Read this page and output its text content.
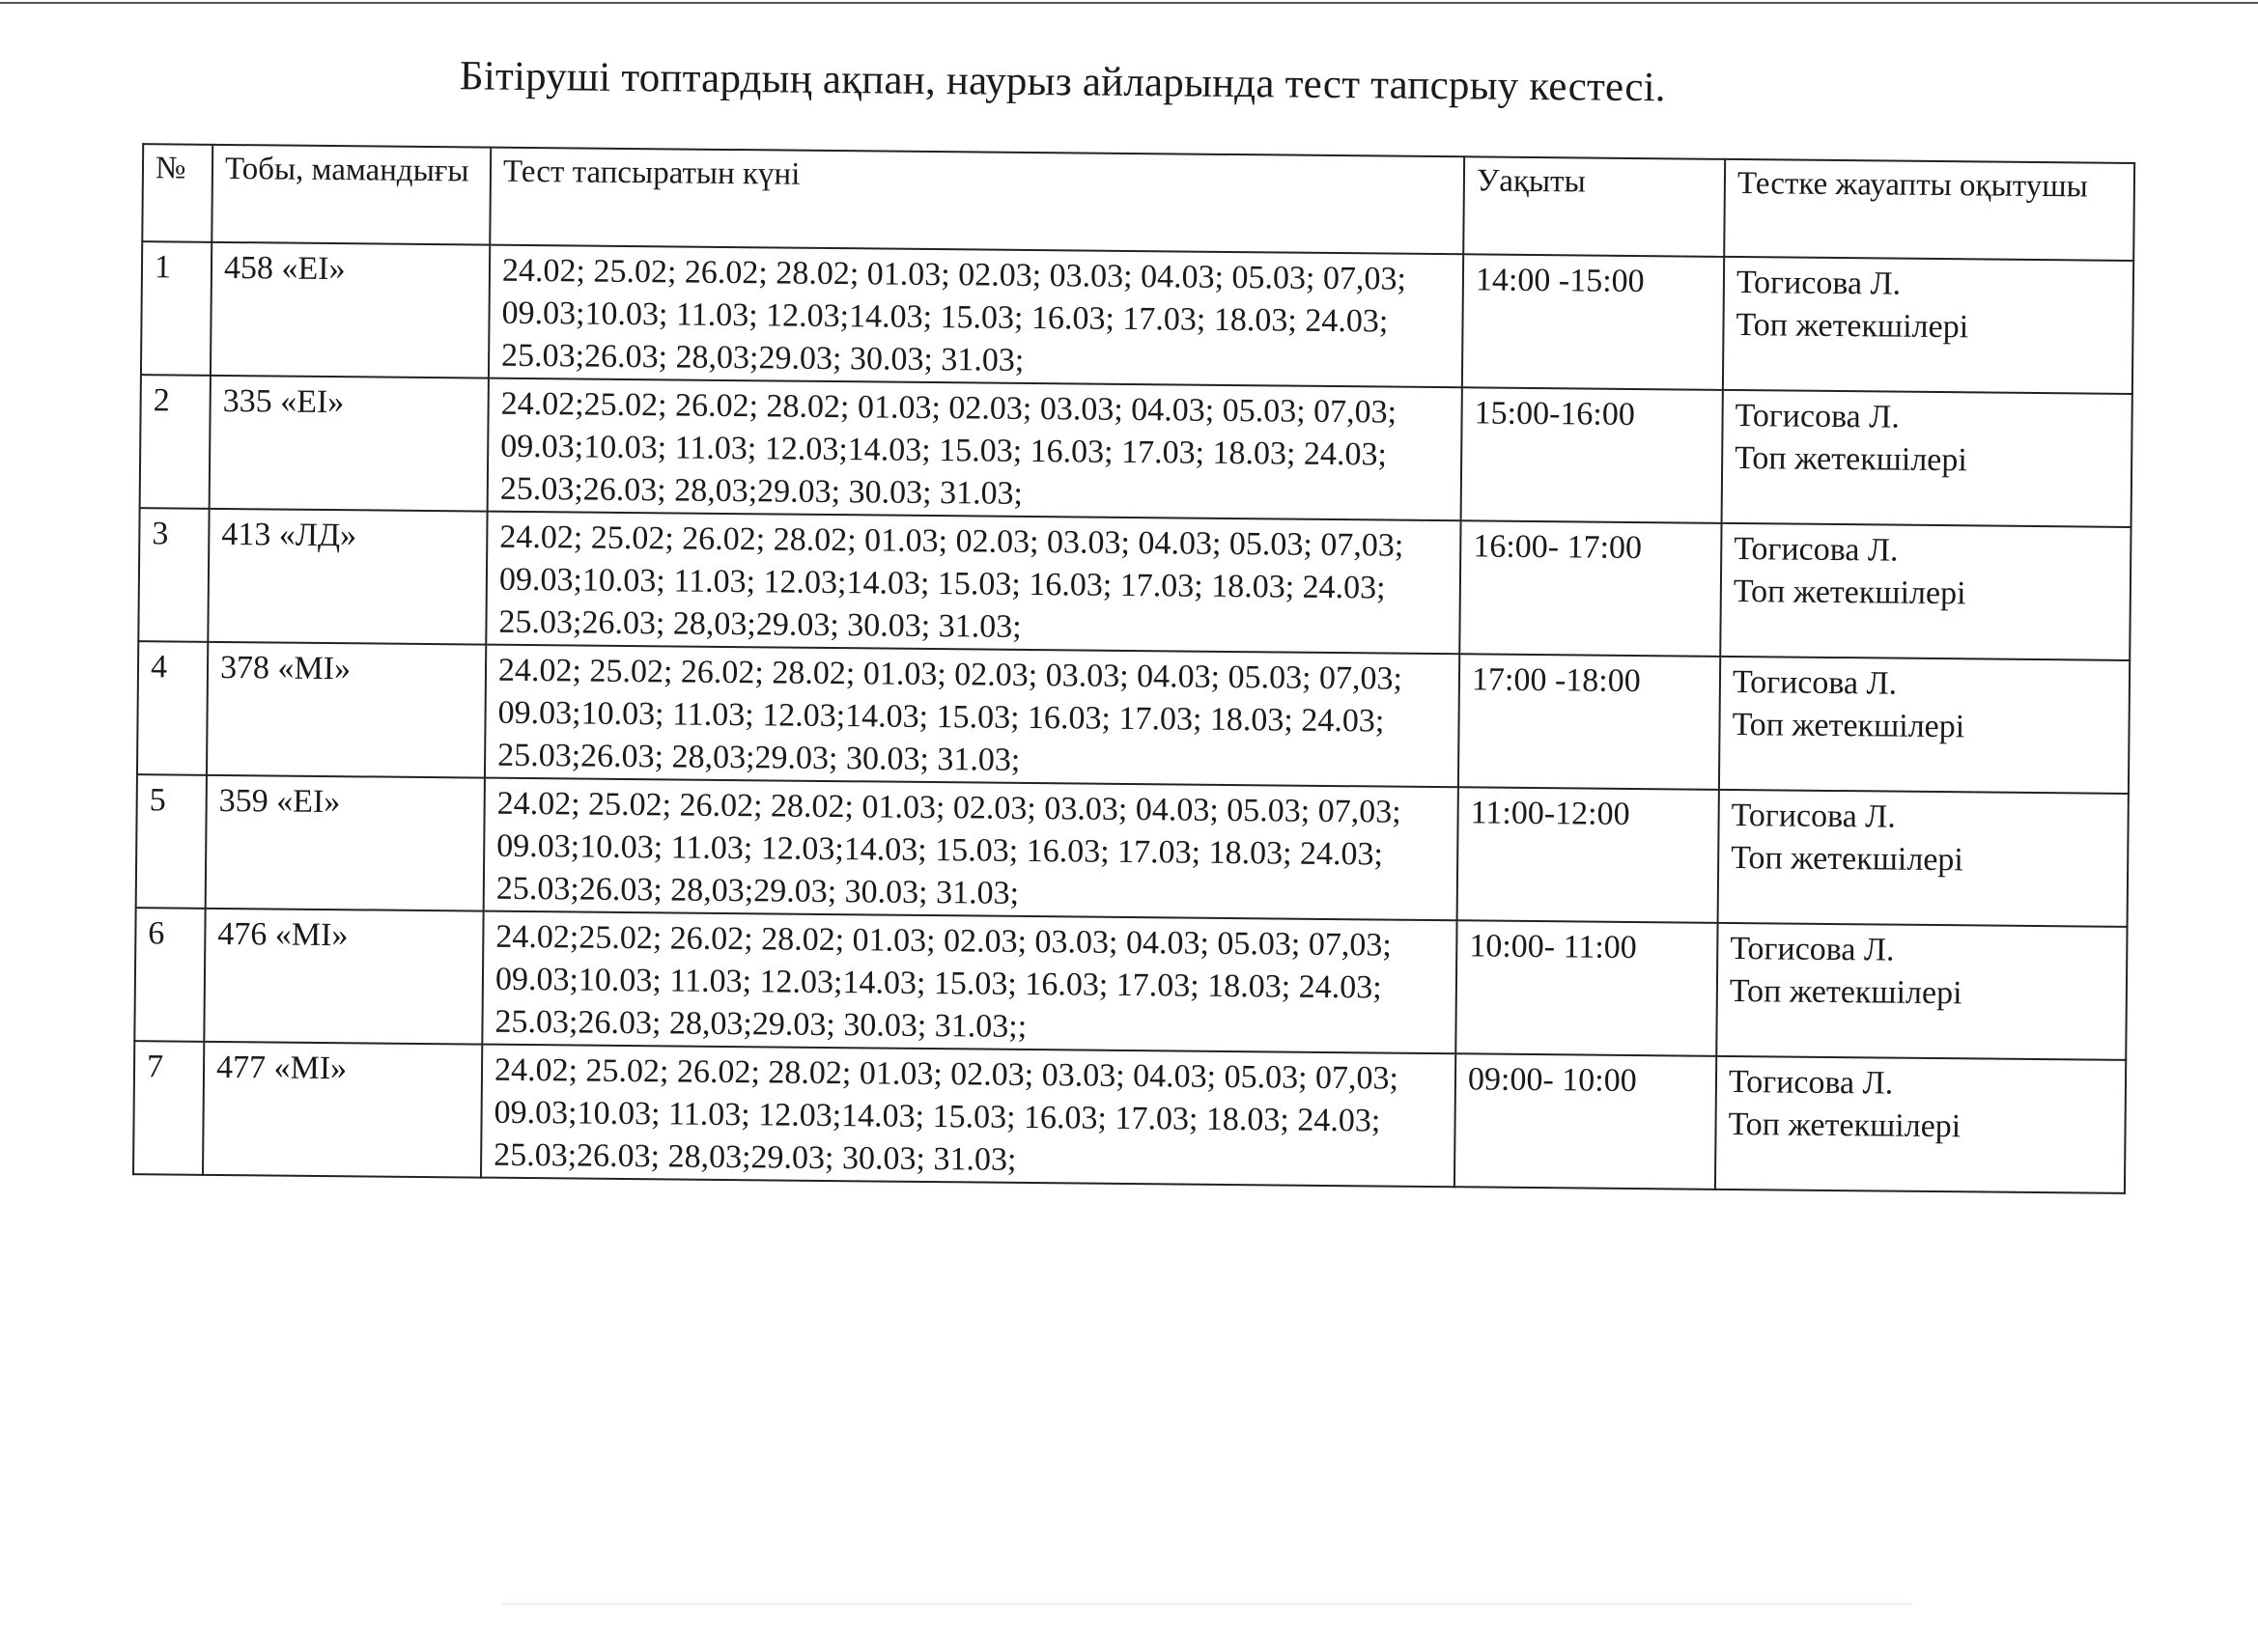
Бітіруші топтардың ақпан, наурыз айларында тест тапсрыу кестесі.
№	Тобы, мамандығы	Тест тапсыратын күні	Уақыты	Тестке жауапты оқытушы
1	458 «ЕІ»	24.02; 25.02; 26.02; 28.02; 01.03; 02.03; 03.03; 04.03; 05.03; 07,03; 09.03;10.03; 11.03; 12.03;14.03; 15.03; 16.03; 17.03; 18.03; 24.03; 25.03;26.03; 28,03;29.03; 30.03; 31.03;	14:00 -15:00	Тогисова Л.
Топ жетекшілері

2	335 «ЕІ»	24.02;25.02; 26.02; 28.02; 01.03; 02.03; 03.03; 04.03; 05.03; 07,03; 09.03;10.03; 11.03; 12.03;14.03; 15.03; 16.03; 17.03; 18.03; 24.03; 25.03;26.03; 28,03;29.03; 30.03; 31.03;	15:00-16:00	Тогисова Л.
Топ жетекшілері

3	413 «ЛД»	24.02; 25.02; 26.02; 28.02; 01.03; 02.03; 03.03; 04.03; 05.03; 07,03; 09.03;10.03; 11.03; 12.03;14.03; 15.03; 16.03; 17.03; 18.03; 24.03; 25.03;26.03; 28,03;29.03; 30.03; 31.03;	16:00- 17:00	Тогисова Л.
Топ жетекшілері

4	378 «МІ»	24.02; 25.02; 26.02; 28.02; 01.03; 02.03; 03.03; 04.03; 05.03; 07,03; 09.03;10.03; 11.03; 12.03;14.03; 15.03; 16.03; 17.03; 18.03; 24.03; 25.03;26.03; 28,03;29.03; 30.03; 31.03;	17:00 -18:00	Тогисова Л.
Топ жетекшілері

5	359 «ЕІ»	24.02; 25.02; 26.02; 28.02; 01.03; 02.03; 03.03; 04.03; 05.03; 07,03; 09.03;10.03; 11.03; 12.03;14.03; 15.03; 16.03; 17.03; 18.03; 24.03; 25.03;26.03; 28,03;29.03; 30.03; 31.03;	11:00-12:00	Тогисова Л.
Топ жетекшілері

6	476 «МІ»	24.02;25.02; 26.02; 28.02; 01.03; 02.03; 03.03; 04.03; 05.03; 07,03; 09.03;10.03; 11.03; 12.03;14.03; 15.03; 16.03; 17.03; 18.03; 24.03; 25.03;26.03; 28,03;29.03; 30.03; 31.03;;	10:00- 11:00	Тогисова Л.
Топ жетекшілері

7	477 «МІ»	24.02; 25.02; 26.02; 28.02; 01.03; 02.03; 03.03; 04.03; 05.03; 07,03; 09.03;10.03; 11.03; 12.03;14.03; 15.03; 16.03; 17.03; 18.03; 24.03; 25.03;26.03; 28,03;29.03; 30.03; 31.03;	09:00- 10:00	Тогисова Л.
Топ жетекшілері
